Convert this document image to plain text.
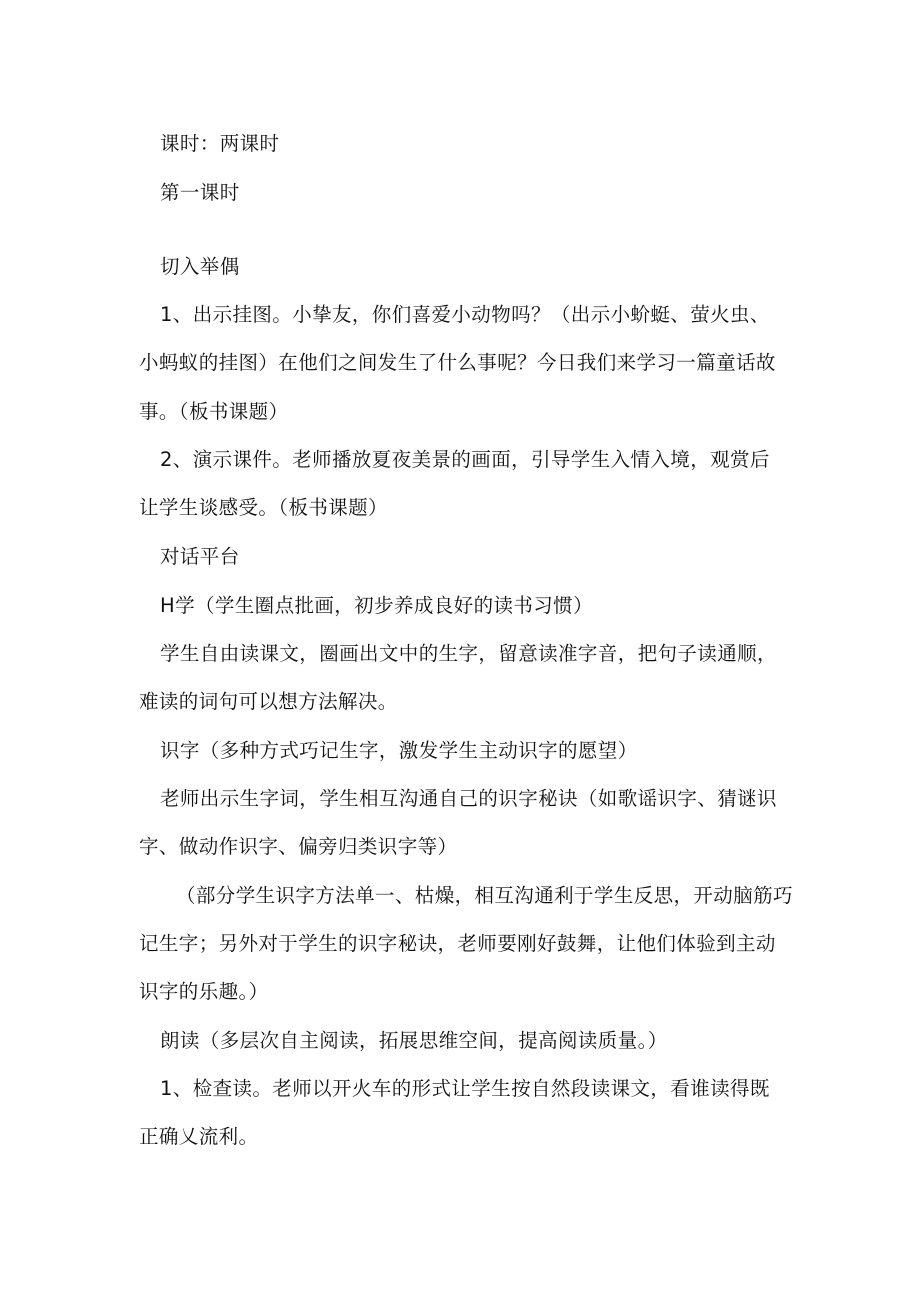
课时：两课时
第一课时
切入举偶
1、出示挂图。小挚友，你们喜爱小动物吗？（出示小蚧蜓、萤火虫、
小蚂蚁的挂图）在他们之间发生了什么事呢？今日我们来学习一篇童话故
事。（板书课题）
2、演示课件。老师播放夏夜美景的画面，引导学生入情入境，观赏后
让学生谈感受。（板书课题）
对话平台
H学（学生圈点批画，初步养成良好的读书习惯）
学生自由读课文，圈画出文中的生字，留意读准字音，把句子读通顺，
难读的词句可以想方法解决。
识字（多种方式巧记生字，激发学生主动识字的愿望）
老师出示生字词，学生相互沟通自己的识字秘诀（如歌谣识字、猜谜识
字、做动作识字、偏旁归类识字等）
（部分学生识字方法单一、枯燥，相互沟通利于学生反思，开动脑筋巧
记生字；另外对于学生的识字秘诀，老师要刚好鼓舞，让他们体验到主动
识字的乐趣。）
朗读（多层次自主阅读，拓展思维空间，提高阅读质量。）
1、检查读。老师以开火车的形式让学生按自然段读课文，看谁读得既
正确乂流利。
